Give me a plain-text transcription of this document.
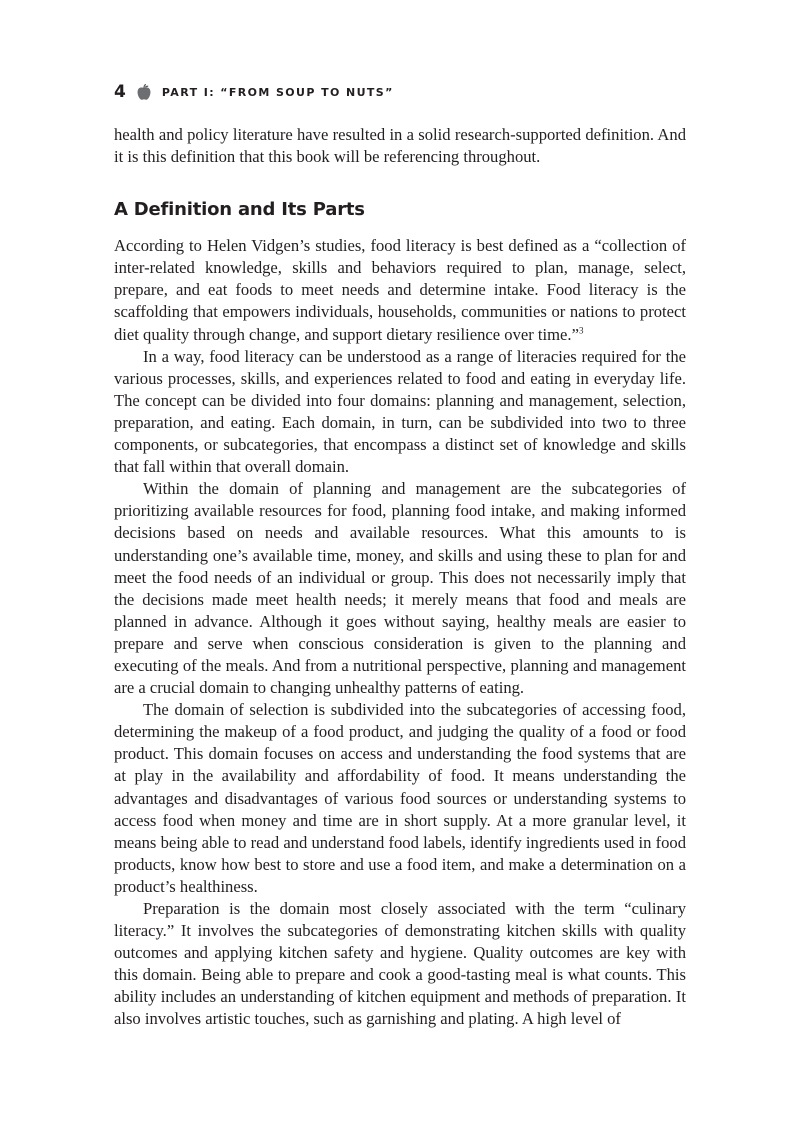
4	PART I: “FROM SOUP TO NUTS”

health and policy literature have resulted in a solid research-supported definition. And it is this definition that this book will be referencing throughout.

A Definition and Its Parts

According to Helen Vidgen’s studies, food literacy is best defined as a “collection of inter-related knowledge, skills and behaviors required to plan, manage, select, prepare, and eat foods to meet needs and determine intake. Food literacy is the scaffolding that empowers individuals, households, communities or nations to protect diet quality through change, and support dietary resilience over time.”$^3$

In a way, food literacy can be understood as a range of literacies required for the various processes, skills, and experiences related to food and eating in everyday life. The concept can be divided into four domains: planning and management, selection, preparation, and eating. Each domain, in turn, can be subdivided into two to three components, or subcategories, that encompass a distinct set of knowledge and skills that fall within that overall domain.

Within the domain of planning and management are the subcategories of prioritizing available resources for food, planning food intake, and making informed decisions based on needs and available resources. What this amounts to is understanding one’s available time, money, and skills and using these to plan for and meet the food needs of an individual or group. This does not necessarily imply that the decisions made meet health needs; it merely means that food and meals are planned in advance. Although it goes without saying, healthy meals are easier to prepare and serve when conscious consideration is given to the planning and executing of the meals. And from a nutritional perspective, planning and management are a crucial domain to changing unhealthy patterns of eating.

The domain of selection is subdivided into the subcategories of accessing food, determining the makeup of a food product, and judging the quality of a food or food product. This domain focuses on access and understanding the food systems that are at play in the availability and affordability of food. It means understanding the advantages and disadvantages of various food sources or understanding systems to access food when money and time are in short supply. At a more granular level, it means being able to read and understand food labels, identify ingredients used in food products, know how best to store and use a food item, and make a determination on a product’s healthiness.

Preparation is the domain most closely associated with the term “culinary literacy.” It involves the subcategories of demonstrating kitchen skills with quality outcomes and applying kitchen safety and hygiene. Quality outcomes are key with this domain. Being able to prepare and cook a good-tasting meal is what counts. This ability includes an understanding of kitchen equipment and methods of preparation. It also involves artistic touches, such as garnishing and plating. A high level of
